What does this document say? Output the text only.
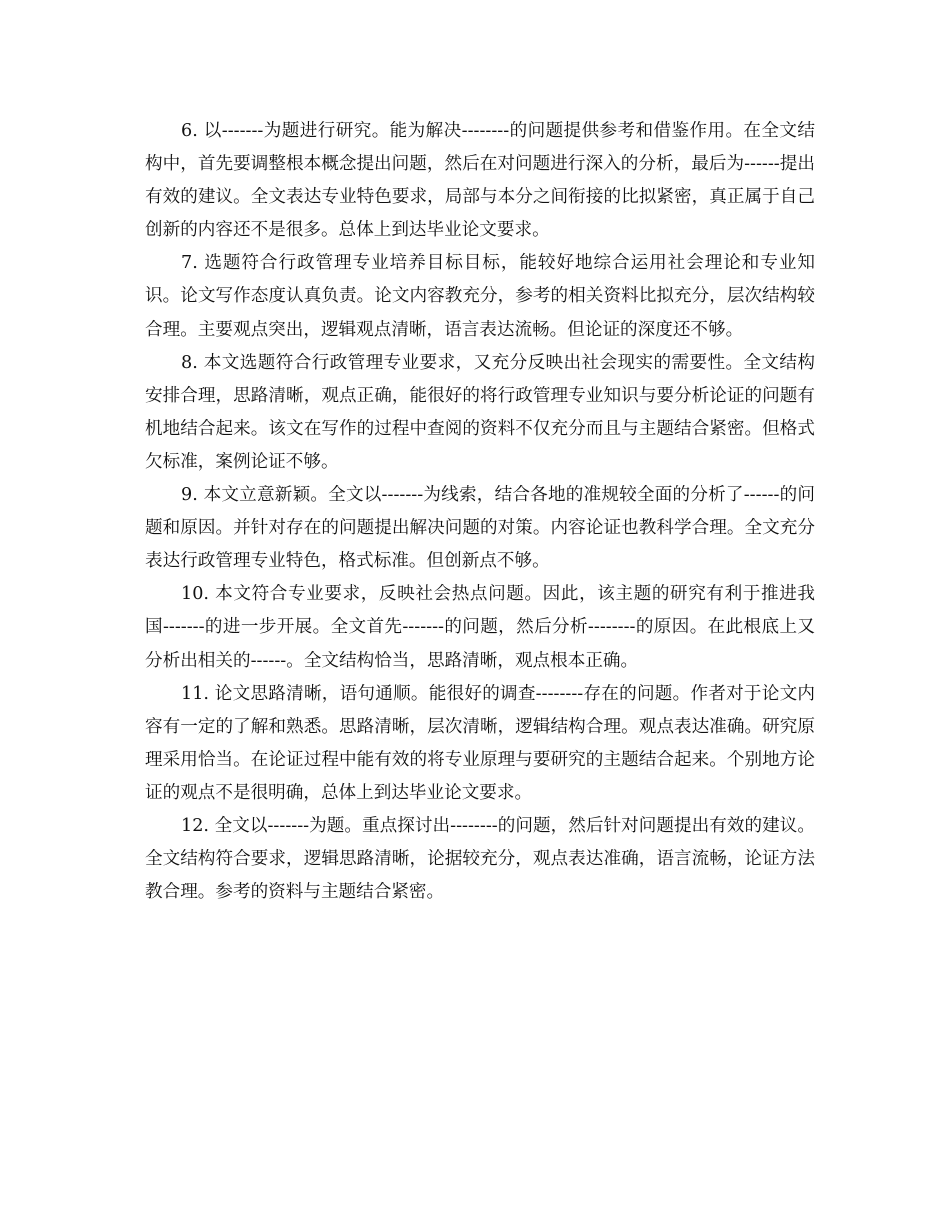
6. 以-------为题进行研究。能为解决--------的问题提供参考和借鉴作用。在全文结构中，首先要调整根本概念提出问题，然后在对问题进行深入的分析，最后为------提出有效的建议。全文表达专业特色要求，局部与本分之间衔接的比拟紧密，真正属于自己创新的内容还不是很多。总体上到达毕业论文要求。

7. 选题符合行政管理专业培养目标目标，能较好地综合运用社会理论和专业知识。论文写作态度认真负责。论文内容教充分，参考的相关资料比拟充分，层次结构较合理。主要观点突出，逻辑观点清晰，语言表达流畅。但论证的深度还不够。

8. 本文选题符合行政管理专业要求，又充分反映出社会现实的需要性。全文结构安排合理，思路清晰，观点正确，能很好的将行政管理专业知识与要分析论证的问题有机地结合起来。该文在写作的过程中查阅的资料不仅充分而且与主题结合紧密。但格式欠标准，案例论证不够。

9. 本文立意新颖。全文以-------为线索，结合各地的准规较全面的分析了------的问题和原因。并针对存在的问题提出解决问题的对策。内容论证也教科学合理。全文充分表达行政管理专业特色，格式标准。但创新点不够。

10. 本文符合专业要求，反映社会热点问题。因此，该主题的研究有利于推进我国-------的进一步开展。全文首先-------的问题，然后分析--------的原因。在此根底上又分析出相关的------。全文结构恰当，思路清晰，观点根本正确。

11. 论文思路清晰，语句通顺。能很好的调查--------存在的问题。作者对于论文内容有一定的了解和熟悉。思路清晰，层次清晰，逻辑结构合理。观点表达准确。研究原理采用恰当。在论证过程中能有效的将专业原理与要研究的主题结合起来。个别地方论证的观点不是很明确，总体上到达毕业论文要求。

12. 全文以-------为题。重点探讨出--------的问题，然后针对问题提出有效的建议。全文结构符合要求，逻辑思路清晰，论据较充分，观点表达准确，语言流畅，论证方法教合理。参考的资料与主题结合紧密。
